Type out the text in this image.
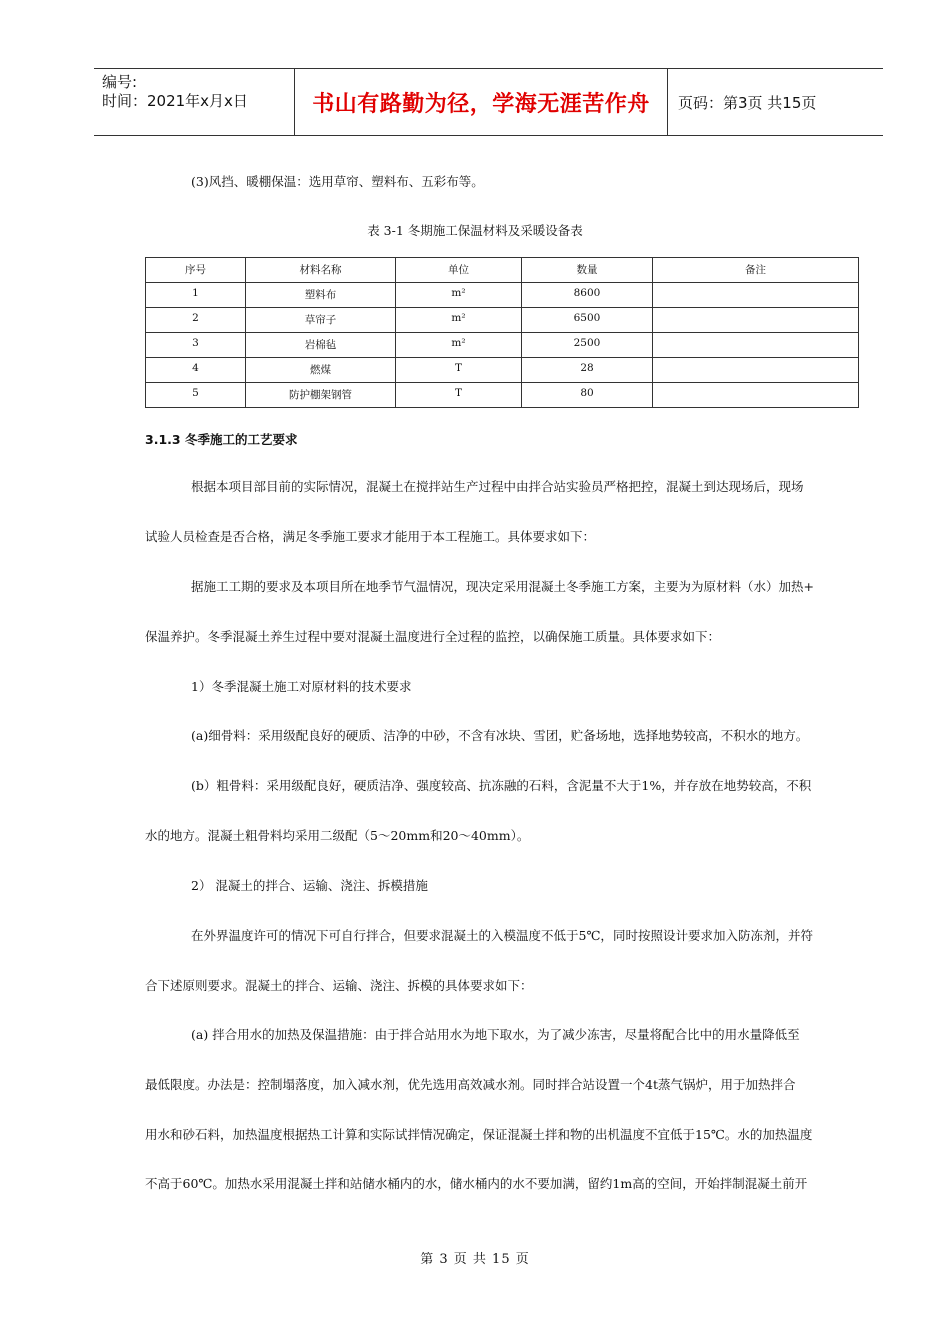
编号:
时间：2021年x月x日	书山有路勤为径，学海无涯苦作舟	页码：第3页 共15页
(3)风挡、暖棚保温：选用草帘、塑料布、五彩布等。
表 3-1 冬期施工保温材料及采暖设备表
序号	材料名称	单位	数量	备注
1	塑料布	m²	8600	
2	草帘子	m²	6500	
3	岩棉毡	m²	2500	
4	燃煤	T	28	
5	防护棚架钢管	T	80	
3.1.3 冬季施工的工艺要求
根据本项目部目前的实际情况，混凝土在搅拌站生产过程中由拌合站实验员严格把控，混凝土到达现场后，现场
试验人员检查是否合格，满足冬季施工要求才能用于本工程施工。具体要求如下：
据施工工期的要求及本项目所在地季节气温情况，现决定采用混凝土冬季施工方案，主要为为原材料（水）加热+
保温养护。冬季混凝土养生过程中要对混凝土温度进行全过程的监控，以确保施工质量。具体要求如下：
1）冬季混凝土施工对原材料的技术要求
(a)细骨料：采用级配良好的硬质、洁净的中砂，不含有冰块、雪团，贮备场地，选择地势较高，不积水的地方。
(b）粗骨料：采用级配良好，硬质洁净、强度较高、抗冻融的石料，含泥量不大于1%，并存放在地势较高，不积
水的地方。混凝土粗骨料均采用二级配（5～20mm和20～40mm）。
2） 混凝土的拌合、运输、浇注、拆模措施
在外界温度许可的情况下可自行拌合，但要求混凝土的入模温度不低于5℃，同时按照设计要求加入防冻剂，并符
合下述原则要求。混凝土的拌合、运输、浇注、拆模的具体要求如下：
(a) 拌合用水的加热及保温措施：由于拌合站用水为地下取水，为了减少冻害，尽量将配合比中的用水量降低至
最低限度。办法是：控制塌落度，加入减水剂，优先选用高效减水剂。同时拌合站设置一个4t蒸气锅炉，用于加热拌合
用水和砂石料，加热温度根据热工计算和实际试拌情况确定，保证混凝土拌和物的出机温度不宜低于15℃。水的加热温度
不高于60℃。加热水采用混凝土拌和站储水桶内的水，储水桶内的水不要加满，留约1m高的空间，开始拌制混凝土前开
第 3 页 共 15 页
